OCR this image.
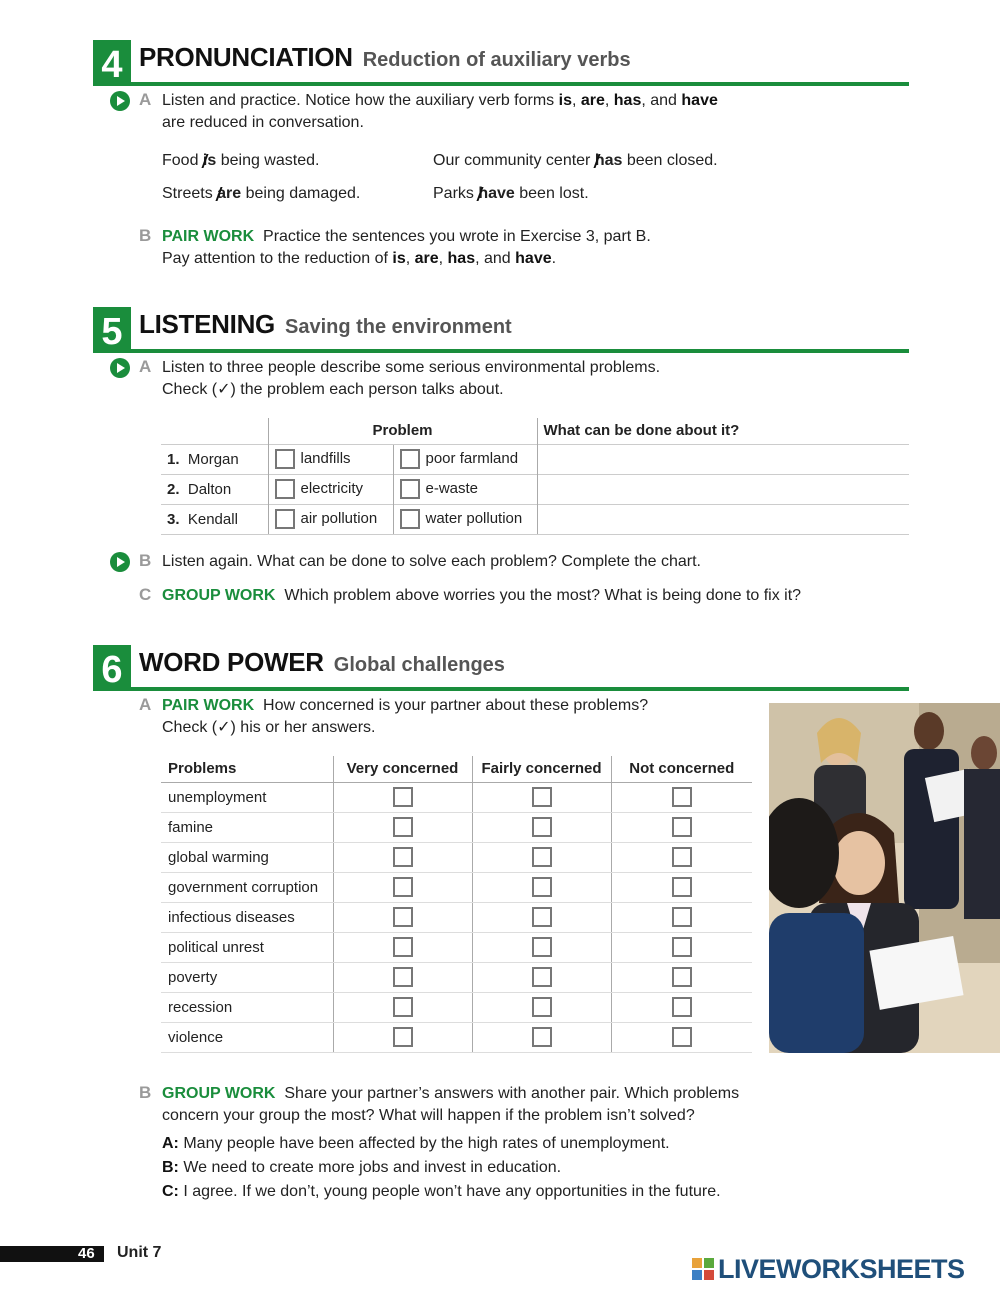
4 PRONUNCIATION Reduction of auxiliary verbs
A Listen and practice. Notice how the auxiliary verb forms is, are, has, and have
are reduced in conversation.
Food is being wasted.	Our community center has been closed.
Streets are being damaged.	Parks have been lost.
B PAIR WORK Practice the sentences you wrote in Exercise 3, part B.
Pay attention to the reduction of is, are, has, and have.
5 LISTENING Saving the environment
A Listen to three people describe some serious environmental problems.
Check (✓) the problem each person talks about.
	Problem		What can be done about it?
1. Morgan	landfills	poor farmland	
2. Dalton	electricity	e-waste	
3. Kendall	air pollution	water pollution	
B Listen again. What can be done to solve each problem? Complete the chart.
C GROUP WORK Which problem above worries you the most? What is being done to fix it?
6 WORD POWER Global challenges
A PAIR WORK How concerned is your partner about these problems?
Check (✓) his or her answers.
Problems	Very concerned	Fairly concerned	Not concerned
unemployment			
famine			
global warming			
government corruption			
infectious diseases			
political unrest			
poverty			
recession			
violence			
B GROUP WORK Share your partner’s answers with another pair. Which problems
concern your group the most? What will happen if the problem isn’t solved?
A: Many people have been affected by the high rates of unemployment.
B: We need to create more jobs and invest in education.
C: I agree. If we don’t, young people won’t have any opportunities in the future.
46 Unit 7
LIVEWORKSHEETS
